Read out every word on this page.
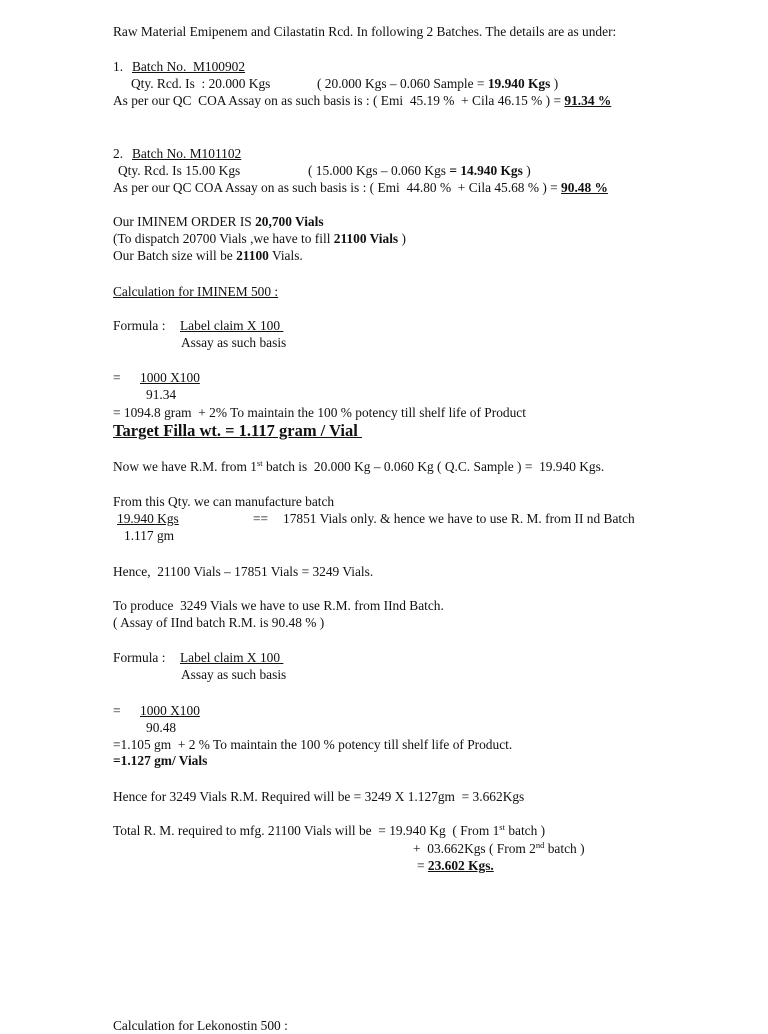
Raw Material Emipenem and Cilastatin Rcd. In following 2 Batches. The details are as under:
1. Batch No.  M100902
Qty. Rcd. Is  : 20.000 Kgs	( 20.000 Kgs – 0.060 Sample = 19.940 Kgs )
As per our QC  COA Assay on as such basis is : ( Emi  45.19 %  + Cila 46.15 % ) = 91.34 %
2. Batch No. M101102
Qty. Rcd. Is 15.00 Kgs	( 15.000 Kgs – 0.060 Kgs = 14.940 Kgs )
As per our QC COA Assay on as such basis is : ( Emi  44.80 %  + Cila 45.68 % ) = 90.48 %
Our IMINEM ORDER IS 20,700 Vials
(To dispatch 20700 Vials ,we have to fill 21100 Vials )
Our Batch size will be 21100 Vials.
Calculation for IMINEM 500 :
Formula : Label claim X 100
Assay as such basis
= 1000 X100
91.34
= 1094.8 gram  + 2% To maintain the 100 % potency till shelf life of Product
Target Filla wt. = 1.117 gram / Vial
Now we have R.M. from 1st batch is  20.000 Kg – 0.060 Kg ( Q.C. Sample ) =  19.940 Kgs.
From this Qty. we can manufacture batch
19.940 Kgs	== 17851 Vials only. & hence we have to use R. M. from II nd Batch
1.117 gm
Hence,  21100 Vials – 17851 Vials = 3249 Vials.
To produce  3249 Vials we have to use R.M. from IInd Batch.
( Assay of IInd batch R.M. is 90.48 % )
Formula : Label claim X 100
Assay as such basis
= 1000 X100
90.48
=1.105 gm  + 2 % To maintain the 100 % potency till shelf life of Product.
=1.127 gm/ Vials
Hence for 3249 Vials R.M. Required will be = 3249 X 1.127gm  = 3.662Kgs
Total R. M. required to mfg. 21100 Vials will be  = 19.940 Kg  ( From 1st batch )
+  03.662Kgs ( From 2nd batch )
= 23.602 Kgs.
Calculation for Lekonostin 500 :
